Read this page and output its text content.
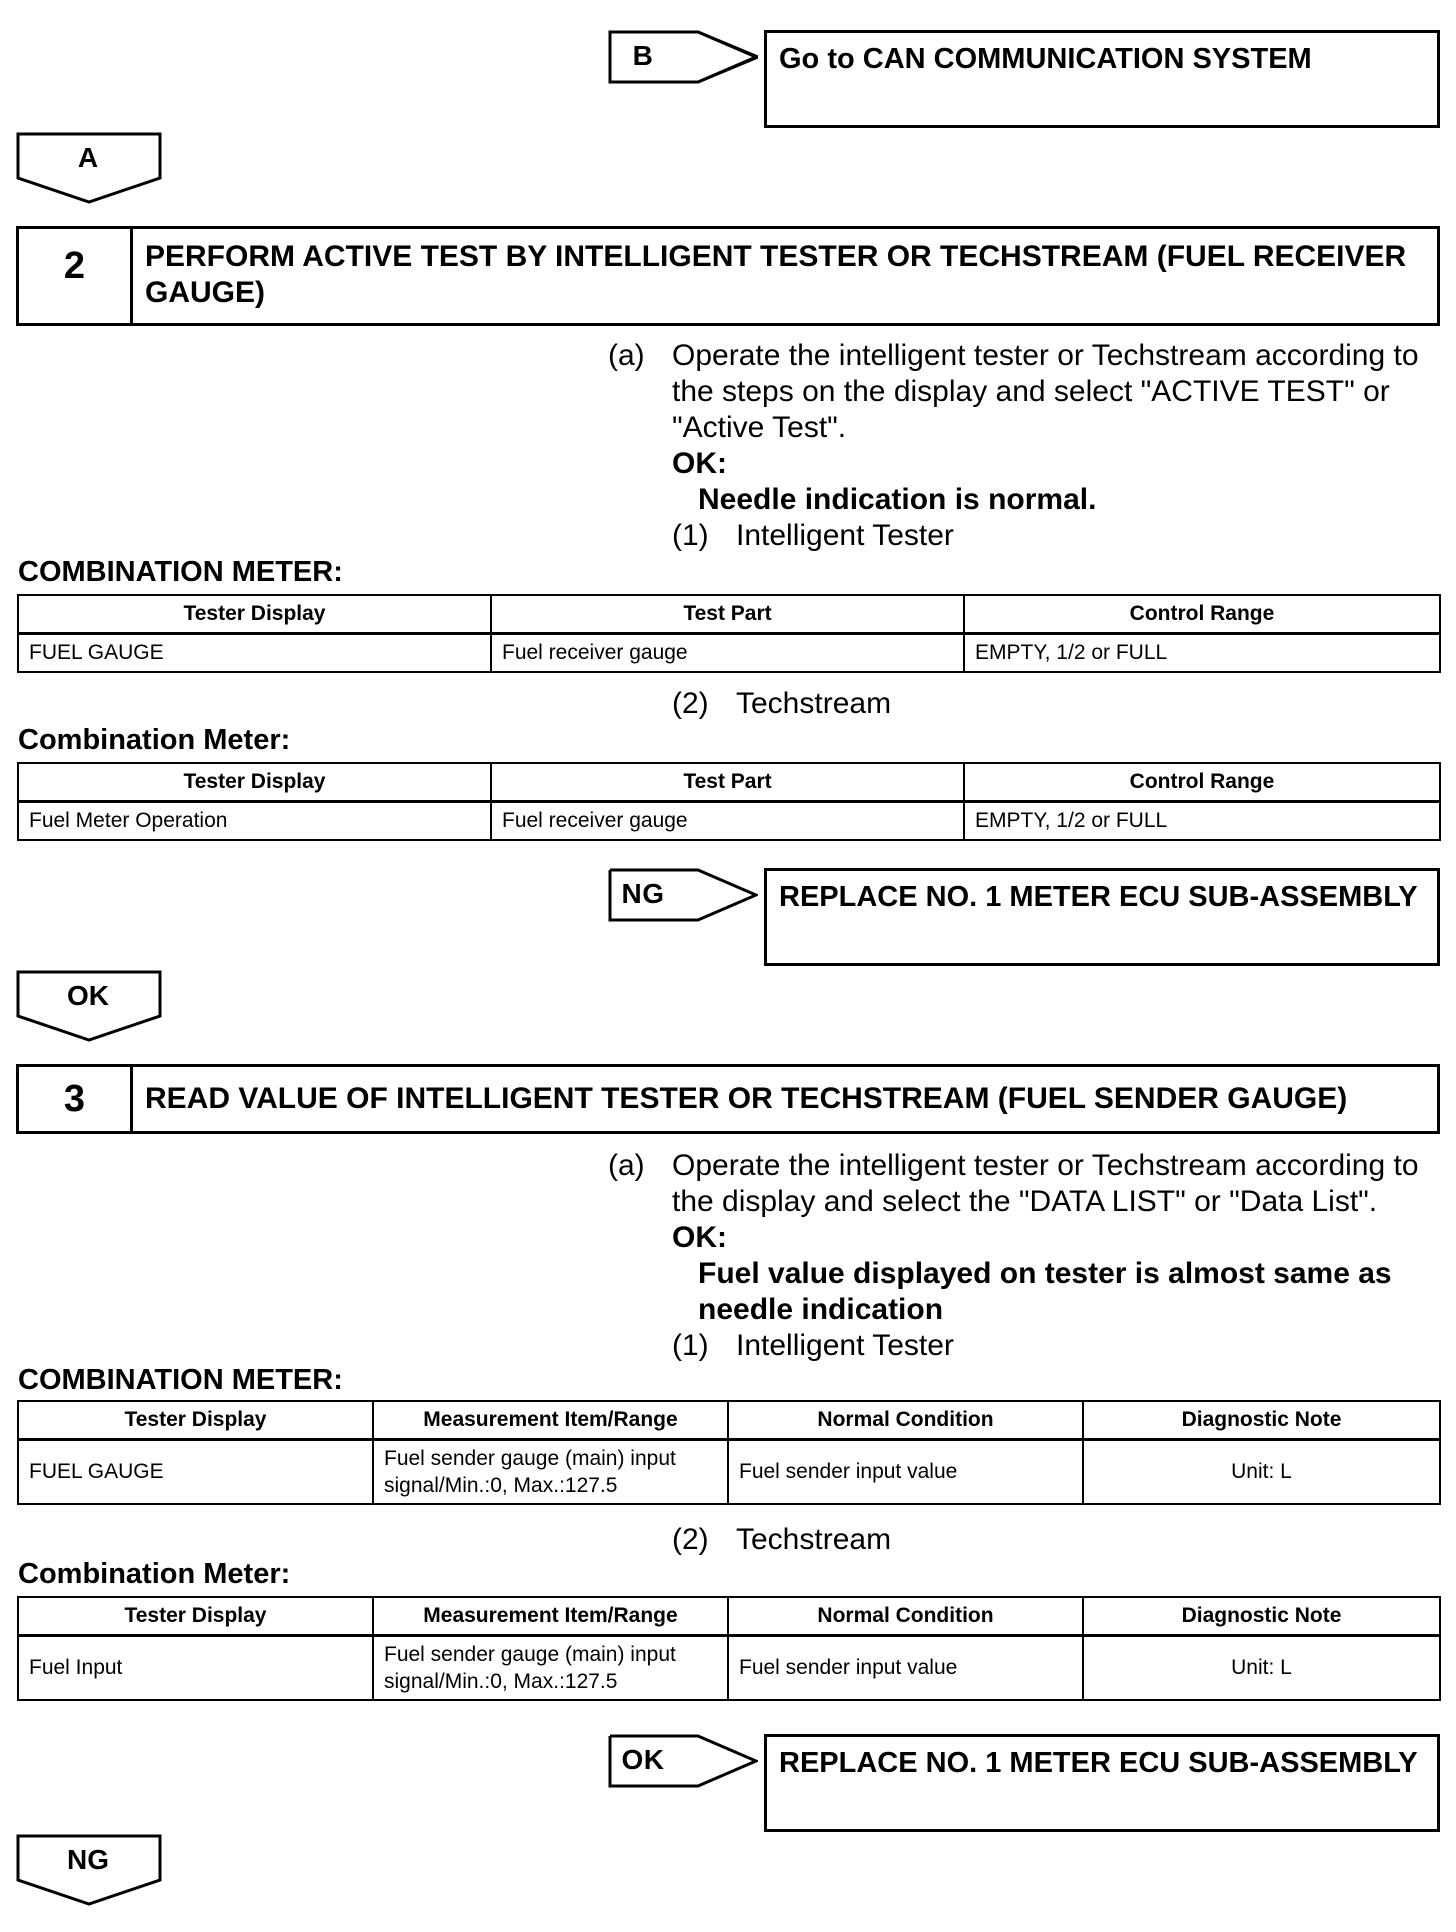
B	Go to CAN COMMUNICATION SYSTEM
A
2	PERFORM ACTIVE TEST BY INTELLIGENT TESTER OR TECHSTREAM (FUEL RECEIVER GAUGE)
(a) Operate the intelligent tester or Techstream according to the steps on the display and select "ACTIVE TEST" or "Active Test".
OK:
Needle indication is normal.
(1) Intelligent Tester
COMBINATION METER:
Tester Display	Test Part	Control Range
FUEL GAUGE	Fuel receiver gauge	EMPTY, 1/2 or FULL
(2) Techstream
Combination Meter:
Tester Display	Test Part	Control Range
Fuel Meter Operation	Fuel receiver gauge	EMPTY, 1/2 or FULL
NG	REPLACE NO. 1 METER ECU SUB-ASSEMBLY
OK
3	READ VALUE OF INTELLIGENT TESTER OR TECHSTREAM (FUEL SENDER GAUGE)
(a) Operate the intelligent tester or Techstream according to the display and select the "DATA LIST" or "Data List".
OK:
Fuel value displayed on tester is almost same as needle indication
(1) Intelligent Tester
COMBINATION METER:
Tester Display	Measurement Item/Range	Normal Condition	Diagnostic Note
FUEL GAUGE	Fuel sender gauge (main) input signal/Min.:0, Max.:127.5	Fuel sender input value	Unit: L
(2) Techstream
Combination Meter:
Tester Display	Measurement Item/Range	Normal Condition	Diagnostic Note
Fuel Input	Fuel sender gauge (main) input signal/Min.:0, Max.:127.5	Fuel sender input value	Unit: L
OK	REPLACE NO. 1 METER ECU SUB-ASSEMBLY
NG
